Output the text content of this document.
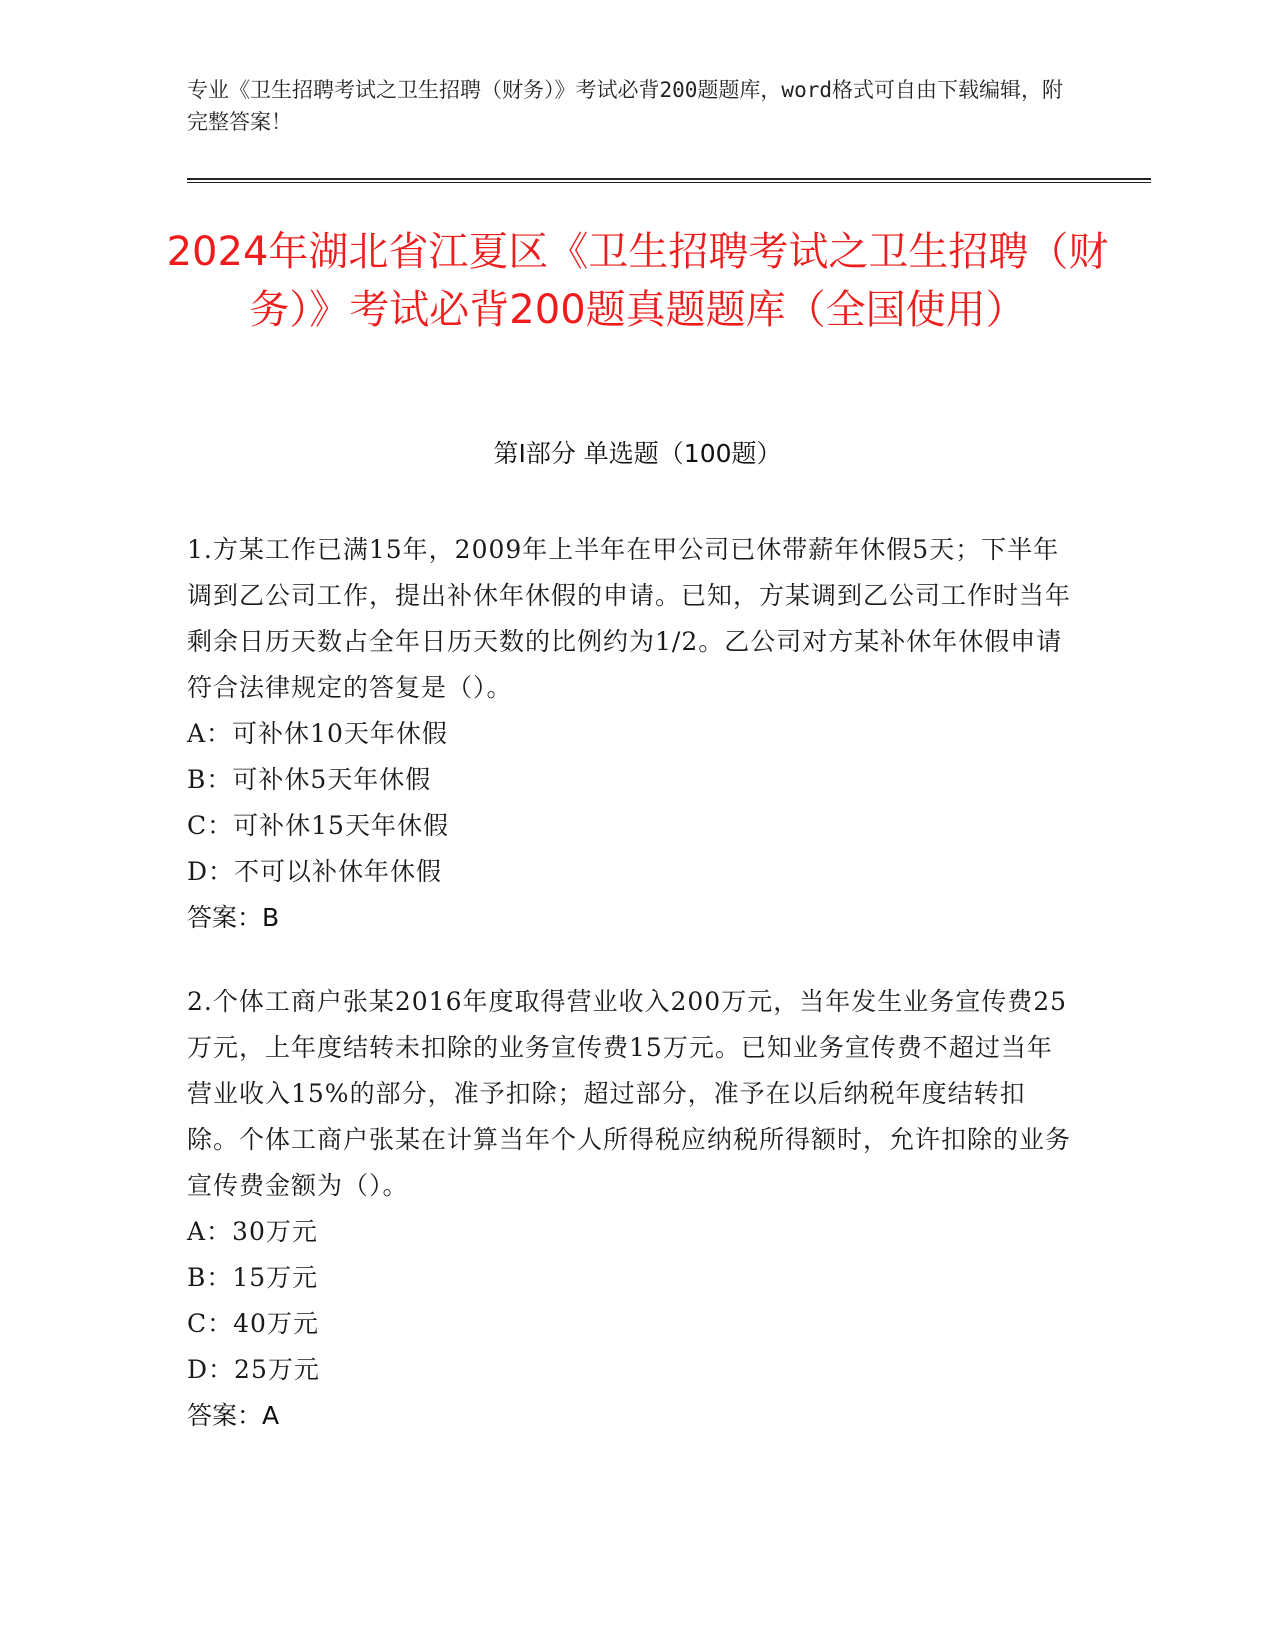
专业《卫生招聘考试之卫生招聘（财务）》考试必背200题题库，word格式可自由下载编辑，附完整答案！
2024年湖北省江夏区《卫生招聘考试之卫生招聘（财务）》考试必背200题真题题库（全国使用）
第I部分 单选题（100题）
1.方某工作已满15年，2009年上半年在甲公司已休带薪年休假5天；下半年调到乙公司工作，提出补休年休假的申请。已知，方某调到乙公司工作时当年剩余日历天数占全年日历天数的比例约为1/2。乙公司对方某补休年休假申请符合法律规定的答复是（）。
A：可补休10天年休假
B：可补休5天年休假
C：可补休15天年休假
D：不可以补休年休假
答案：B
2.个体工商户张某2016年度取得营业收入200万元，当年发生业务宣传费25万元，上年度结转未扣除的业务宣传费15万元。已知业务宣传费不超过当年营业收入15%的部分，准予扣除；超过部分，准予在以后纳税年度结转扣除。个体工商户张某在计算当年个人所得税应纳税所得额时，允许扣除的业务宣传费金额为（）。
A：30万元
B：15万元
C：40万元
D：25万元
答案：A
